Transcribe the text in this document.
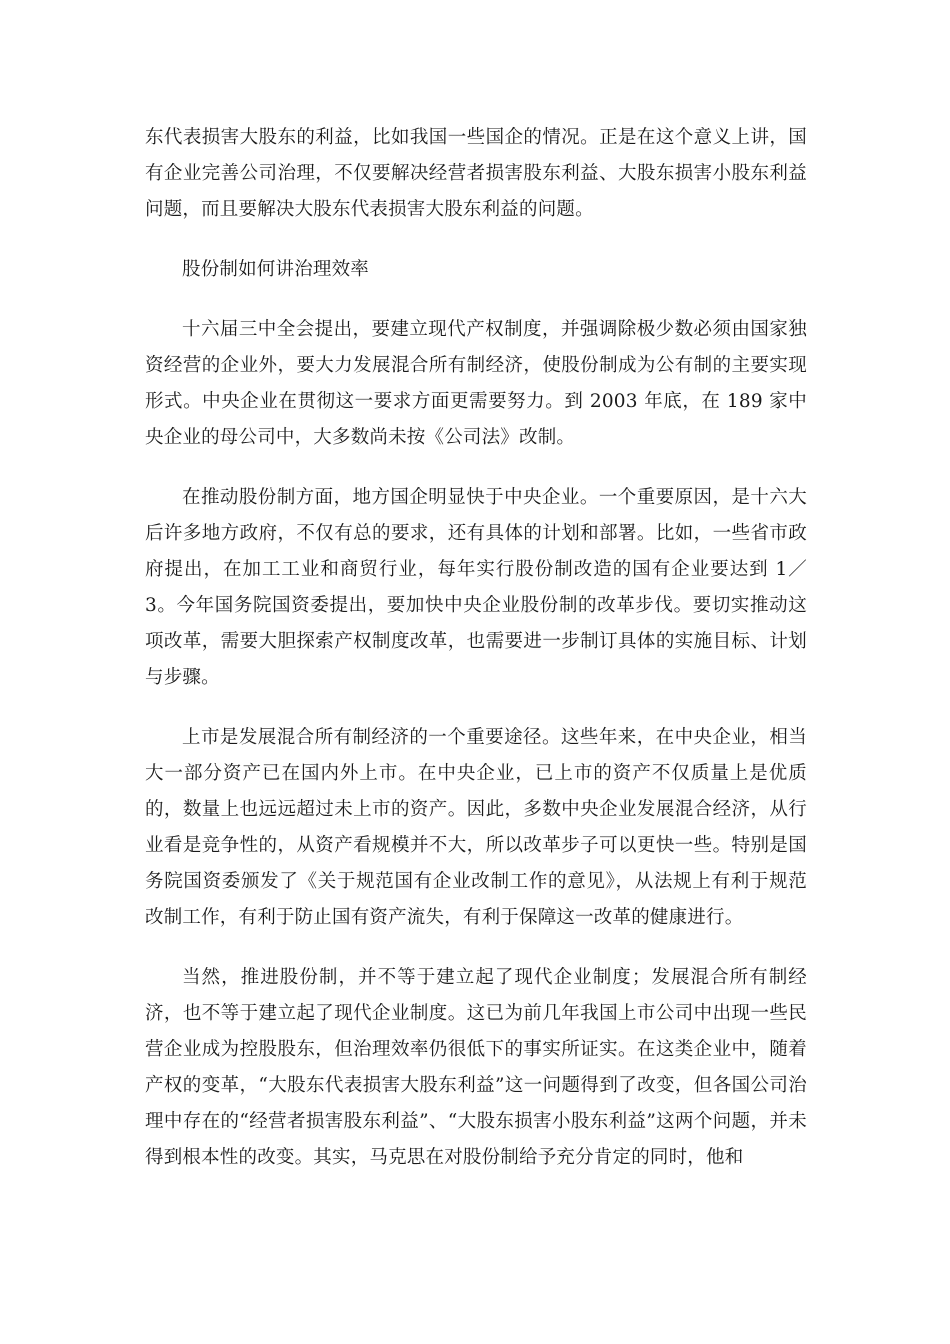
东代表损害大股东的利益，比如我国一些国企的情况。正是在这个意义上讲，国有企业完善公司治理，不仅要解决经营者损害股东利益、大股东损害小股东利益问题，而且要解决大股东代表损害大股东利益的问题。

股份制如何讲治理效率

十六届三中全会提出，要建立现代产权制度，并强调除极少数必须由国家独资经营的企业外，要大力发展混合所有制经济，使股份制成为公有制的主要实现形式。中央企业在贯彻这一要求方面更需要努力。到 2003 年底，在 189 家中央企业的母公司中，大多数尚未按《公司法》改制。

在推动股份制方面，地方国企明显快于中央企业。一个重要原因，是十六大后许多地方政府，不仅有总的要求，还有具体的计划和部署。比如，一些省市政府提出，在加工工业和商贸行业，每年实行股份制改造的国有企业要达到 1／3。今年国务院国资委提出，要加快中央企业股份制的改革步伐。要切实推动这项改革，需要大胆探索产权制度改革，也需要进一步制订具体的实施目标、计划与步骤。

上市是发展混合所有制经济的一个重要途径。这些年来，在中央企业，相当大一部分资产已在国内外上市。在中央企业，已上市的资产不仅质量上是优质的，数量上也远远超过未上市的资产。因此，多数中央企业发展混合经济，从行业看是竞争性的，从资产看规模并不大，所以改革步子可以更快一些。特别是国务院国资委颁发了《关于规范国有企业改制工作的意见》，从法规上有利于规范改制工作，有利于防止国有资产流失，有利于保障这一改革的健康进行。

当然，推进股份制，并不等于建立起了现代企业制度；发展混合所有制经济，也不等于建立起了现代企业制度。这已为前几年我国上市公司中出现一些民营企业成为控股股东，但治理效率仍很低下的事实所证实。在这类企业中，随着产权的变革，“大股东代表损害大股东利益”这一问题得到了改变，但各国公司治理中存在的“经营者损害股东利益”、“大股东损害小股东利益”这两个问题，并未得到根本性的改变。其实，马克思在对股份制给予充分肯定的同时，他和
